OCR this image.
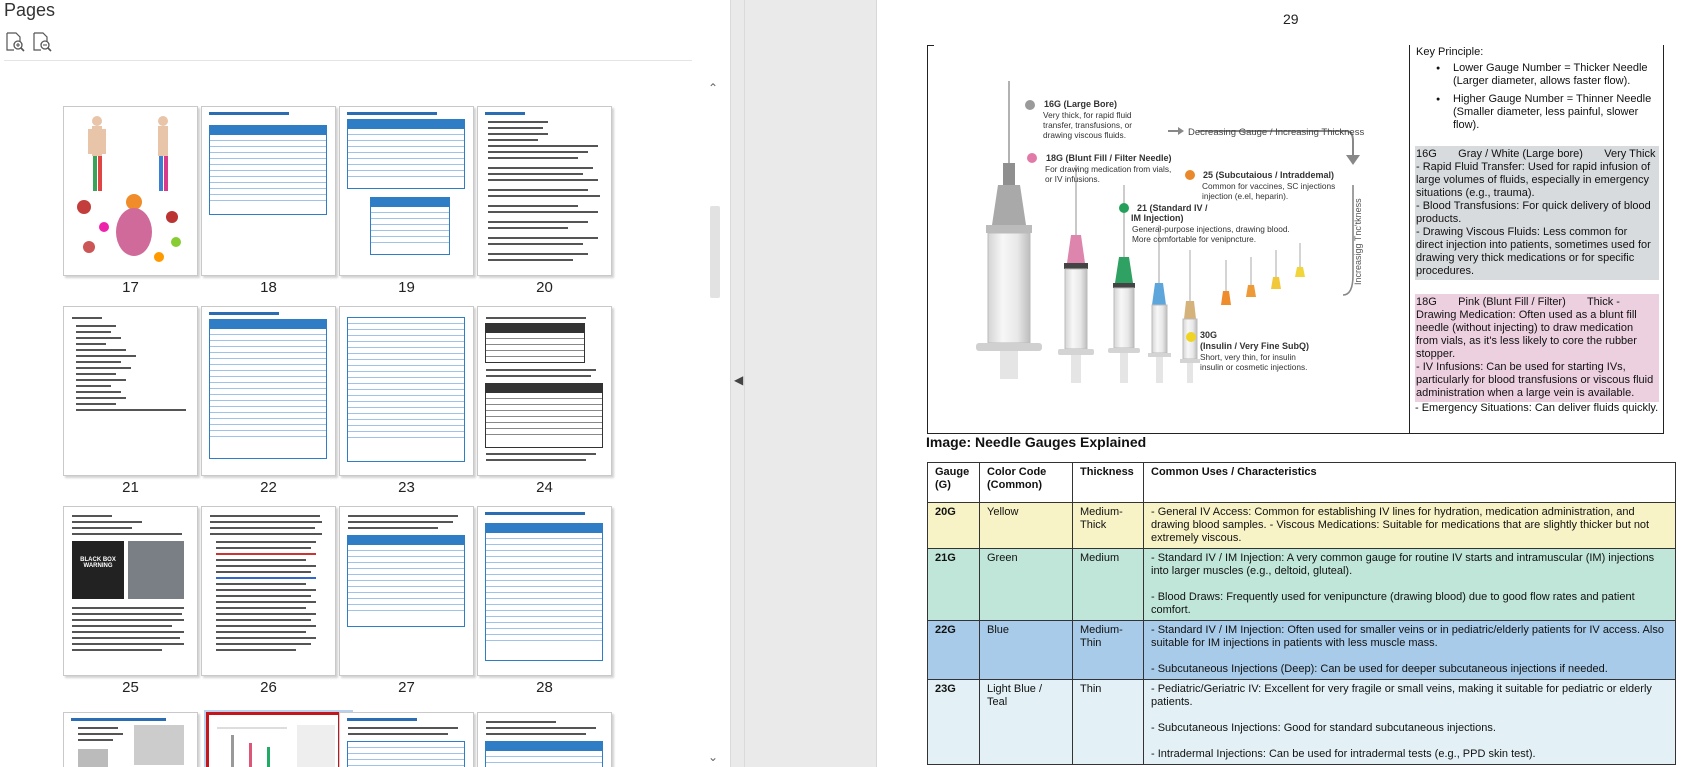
Pages
17	18	19	20
21	22	23	24
BLACK BOX WARNING
25	26	27	28
⌃
⌄
◀
29
Decreasing Gauge / Increasing Thickness
Increasigg Tnc'tkness
16G (Large Bore)
Very thick, for rapid fluid
transfer, transfusions, or
drawing viscous fluids.
18G (Blunt Fill / Filter Needle)
For drawing medication from vials,
or IV infusions.
21 (Standard IV /
IM Injection)
General-purpose injections, drawing blood.
More comfortable for venipncture.
25 (Subcutaious / Intraddemal)
Common for vaccines, SC injections
injection (e.el, heparin).
30G
(Insulin / Very Fine SubQ)
Short, very thin, for insulin
insulin or cosmetic injections.
Key Principle:
● Lower Gauge Number = Thicker Needle (Larger diameter, allows faster flow).
● Higher Gauge Number = Thinner Needle (Smaller diameter, less painful, slower flow).
16G       Gray / White (Large bore)       Very Thick - Rapid Fluid Transfer: Used for rapid infusion of large volumes of fluids, especially in emergency situations (e.g., trauma).
- Blood Transfusions: For quick delivery of blood products.
- Drawing Viscous Fluids: Less common for direct injection into patients, sometimes used for drawing very thick medications or for specific procedures.
18G       Pink (Blunt Fill / Filter)       Thick - Drawing Medication: Often used as a blunt fill needle (without injecting) to draw medication from vials, as it's less likely to core the rubber stopper.
- IV Infusions: Can be used for starting IVs, particularly for blood transfusions or viscous fluid administration when a large vein is available.
- Emergency Situations: Can deliver fluids quickly.
Image: Needle Gauges Explained
Gauge (G)	Color Code (Common)	Thickness	Common Uses / Characteristics
20G	Yellow	Medium-Thick	- General IV Access: Common for establishing IV lines for hydration, medication administration, and drawing blood samples. - Viscous Medications: Suitable for medications that are slightly thicker but not extremely viscous.

21G	Green	Medium	- Standard IV / IM Injection: A very common gauge for routine IV starts and intramuscular (IM) injections into larger muscles (e.g., deltoid, gluteal).

- Blood Draws: Frequently used for venipuncture (drawing blood) due to good flow rates and patient comfort.

22G	Blue	Medium-Thin	- Standard IV / IM Injection: Often used for smaller veins or in pediatric/elderly patients for IV access. Also suitable for IM injections in patients with less muscle mass.

- Subcutaneous Injections (Deep): Can be used for deeper subcutaneous injections if needed.

23G	Light Blue / Teal	Thin	- Pediatric/Geriatric IV: Excellent for very fragile or small veins, making it suitable for pediatric or elderly patients.

- Subcutaneous Injections: Good for standard subcutaneous injections.

- Intradermal Injections: Can be used for intradermal tests (e.g., PPD skin test).
